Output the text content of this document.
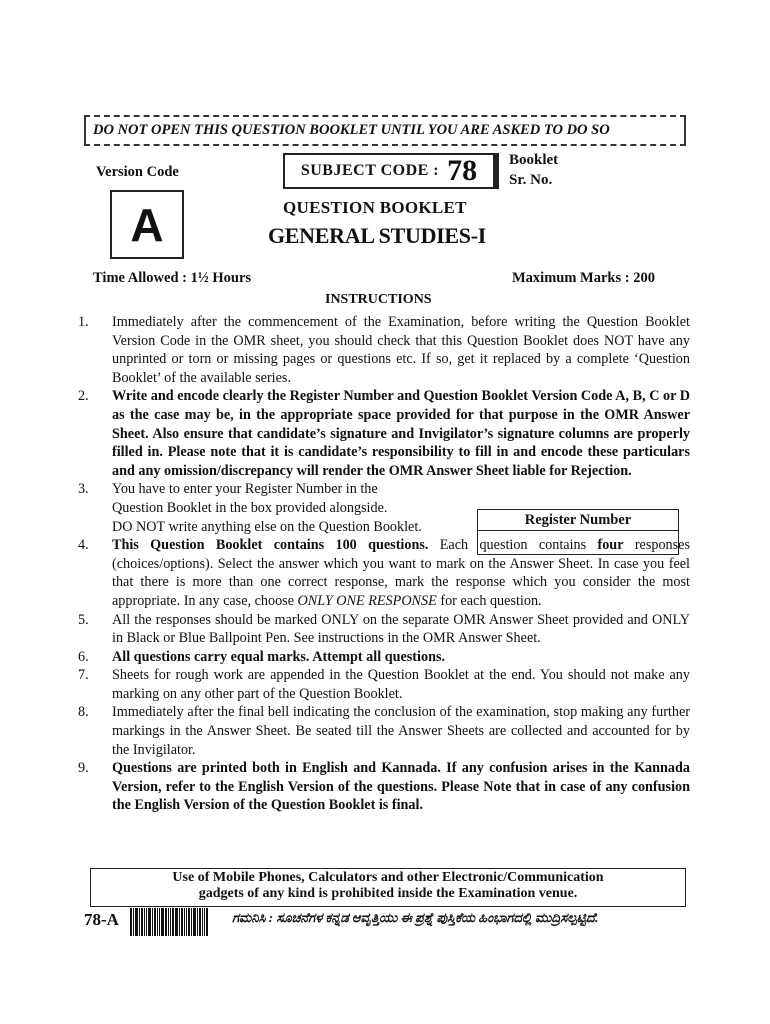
DO NOT OPEN THIS QUESTION BOOKLET UNTIL YOU ARE ASKED TO DO SO
Version Code
A
SUBJECT CODE : 78 Booklet
Sr. No.
QUESTION BOOKLET
GENERAL STUDIES-I
Time Allowed : 1½ Hours	Maximum Marks : 200
INSTRUCTIONS
1.	Immediately after the commencement of the Examination, before writing the Question Booklet Version Code in the OMR sheet, you should check that this Question Booklet does NOT have any unprinted or torn or missing pages or questions etc. If so, get it replaced by a complete ‘Question Booklet’ of the available series.
2.	Write and encode clearly the Register Number and Question Booklet Version Code A, B, C or D as the case may be, in the appropriate space provided for that purpose in the OMR Answer Sheet. Also ensure that candidate’s signature and Invigilator’s signature columns are properly filled in. Please note that it is candidate’s responsibility to fill in and encode these particulars and any omission/discrepancy will render the OMR Answer Sheet liable for Rejection.
3.	You have to enter your Register Number in the
Question Booklet in the box provided alongside.
DO NOT write anything else on the Question Booklet.
4.	This Question Booklet contains 100 questions. Each question contains four responses (choices/options). Select the answer which you want to mark on the Answer Sheet. In case you feel that there is more than one correct response, mark the response which you consider the most appropriate. In any case, choose ONLY ONE RESPONSE for each question.
5.	All the responses should be marked ONLY on the separate OMR Answer Sheet provided and ONLY in Black or Blue Ballpoint Pen. See instructions in the OMR Answer Sheet.
6.	All questions carry equal marks. Attempt all questions.
7.	Sheets for rough work are appended in the Question Booklet at the end. You should not make any marking on any other part of the Question Booklet.
8.	Immediately after the final bell indicating the conclusion of the examination, stop making any further markings in the Answer Sheet. Be seated till the Answer Sheets are collected and accounted for by the Invigilator.
9.	Questions are printed both in English and Kannada. If any confusion arises in the Kannada Version, refer to the English Version of the questions. Please Note that in case of any confusion the English Version of the Question Booklet is final.
Register Number
Use of Mobile Phones, Calculators and other Electronic/Communication
gadgets of any kind is prohibited inside the Examination venue.
78-A	ಗಮನಿಸಿ : ಸೂಚನೆಗಳ ಕನ್ನಡ ಆವೃತ್ತಿಯು ಈ ಪ್ರಶ್ನೆ ಪುಸ್ತಿಕೆಯ ಹಿಂಭಾಗದಲ್ಲಿ ಮುದ್ರಿಸಲ್ಪಟ್ಟಿದೆ.
